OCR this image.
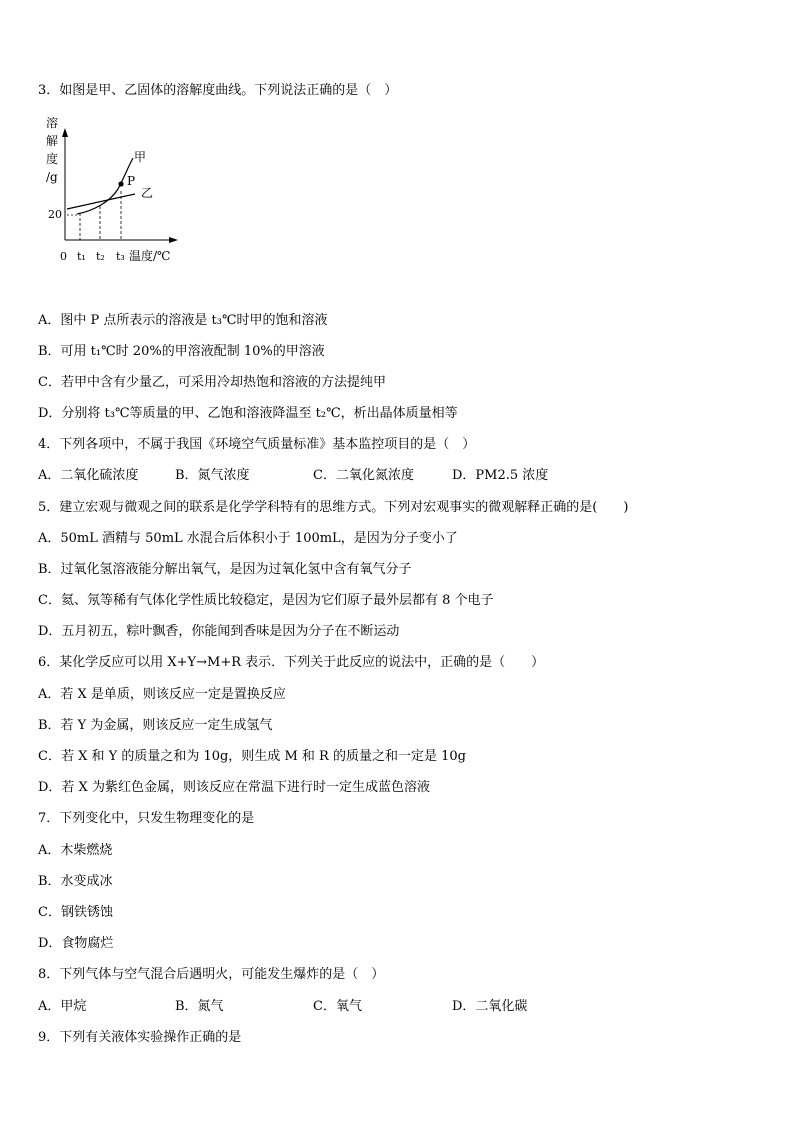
3．如图是甲、乙固体的溶解度曲线。下列说法正确的是（　）
溶
解
度
/g
20
P
甲
乙
0 t₁ t₂ t₃ 温度/℃
A．图中 P 点所表示的溶液是 t₃℃时甲的饱和溶液
B．可用 t₁℃时 20%的甲溶液配制 10%的甲溶液
C．若甲中含有少量乙，可采用冷却热饱和溶液的方法提纯甲
D．分别将 t₃℃等质量的甲、乙饱和溶液降温至 t₂℃，析出晶体质量相等
4．下列各项中，不属于我国《环境空气质量标准》基本监控项目的是（　）
A．二氧化硫浓度	B．氮气浓度	C．二氧化氮浓度	D．PM2.5 浓度
5．建立宏观与微观之间的联系是化学学科特有的思维方式。下列对宏观事实的微观解释正确的是(　　)
A．50mL 酒精与 50mL 水混合后体积小于 100mL，是因为分子变小了
B．过氧化氢溶液能分解出氧气，是因为过氧化氢中含有氧气分子
C．氦、氖等稀有气体化学性质比较稳定，是因为它们原子最外层都有 8 个电子
D．五月初五，粽叶飘香，你能闻到香味是因为分子在不断运动
6．某化学反应可以用 X+Y→M+R 表示．下列关于此反应的说法中，正确的是（　　）
A．若 X 是单质，则该反应一定是置换反应
B．若 Y 为金属，则该反应一定生成氢气
C．若 X 和 Y 的质量之和为 10g，则生成 M 和 R 的质量之和一定是 10g
D．若 X 为紫红色金属，则该反应在常温下进行时一定生成蓝色溶液
7．下列变化中，只发生物理变化的是
A．木柴燃烧
B．水变成冰
C．钢铁锈蚀
D．食物腐烂
8．下列气体与空气混合后遇明火，可能发生爆炸的是（　）
A．甲烷	B．氮气	C．氧气	D．二氧化碳
9．下列有关液体实验操作正确的是
